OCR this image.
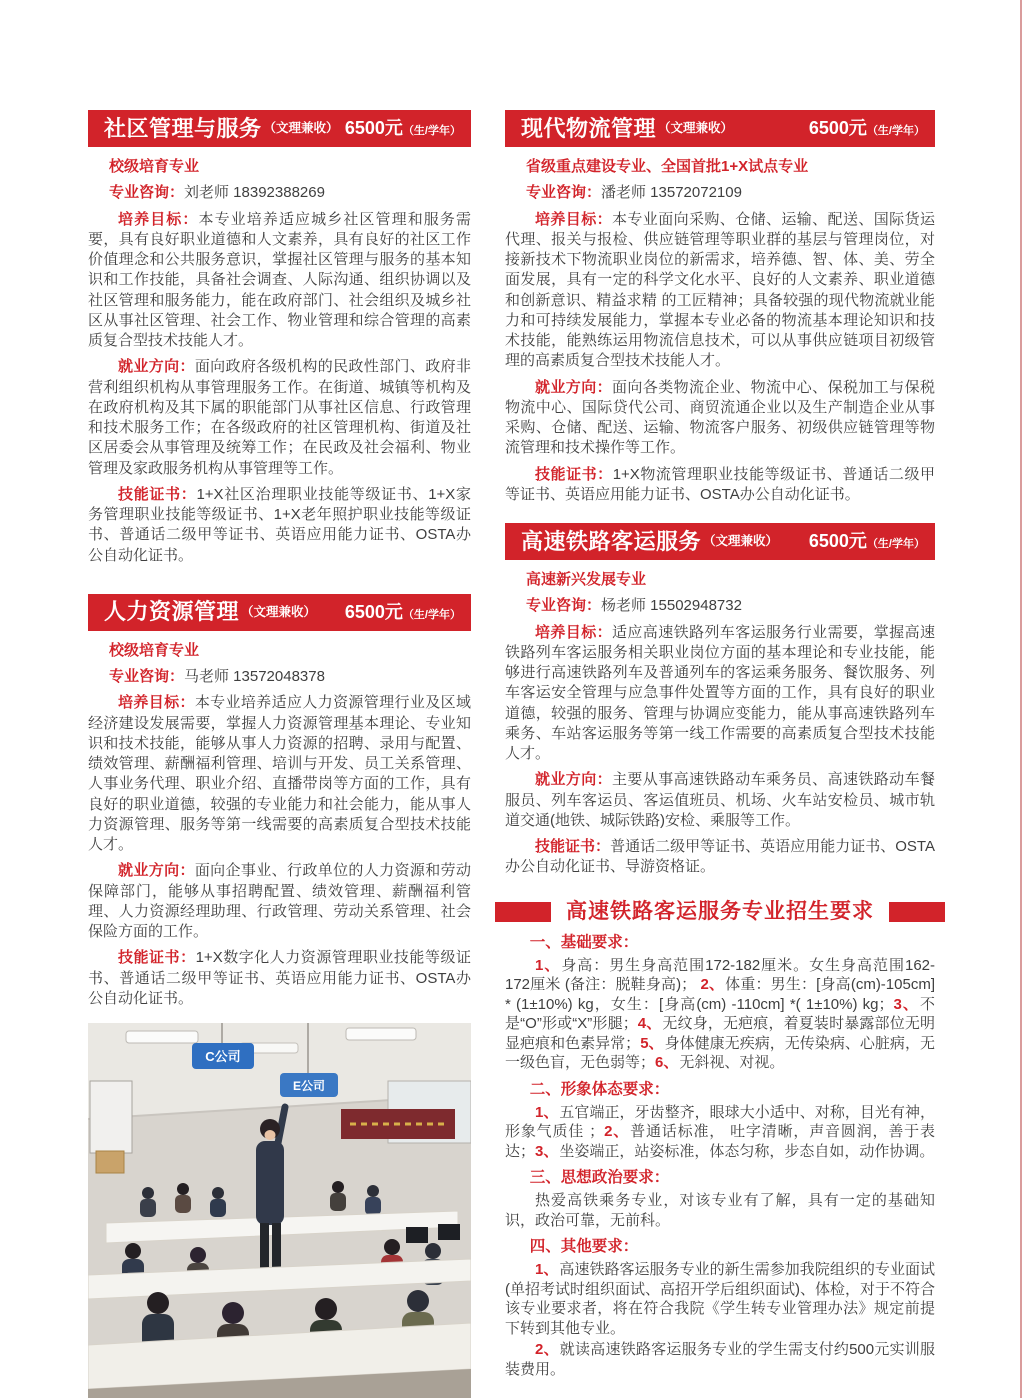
社区管理与服务 （文理兼收） 6500元 （生/学年）

校级培育专业

专业咨询：刘老师 18392388269

培养目标：本专业培养适应城乡社区管理和服务需要，具有良好职业道德和人文素养，具有良好的社区工作价值理念和公共服务意识，掌握社区管理与服务的基本知识和工作技能，具备社会调查、人际沟通、组织协调以及社区管理和服务能力，能在政府部门、社会组织及城乡社区从事社区管理、社会工作、物业管理和综合管理的高素质复合型技术技能人才。

就业方向：面向政府各级机构的民政性部门、政府非营利组织机构从事管理服务工作。在街道、城镇等机构及在政府机构及其下属的职能部门从事社区信息、行政管理和技术服务工作；在各级政府的社区管理机构、街道及社区居委会从事管理及统筹工作；在民政及社会福利、物业管理及家政服务机构从事管理等工作。

技能证书：1+X社区治理职业技能等级证书、1+X家务管理职业技能等级证书、1+X老年照护职业技能等级证书、普通话二级甲等证书、英语应用能力证书、OSTA办公自动化证书。

人力资源管理 （文理兼收） 6500元 （生/学年）

校级培育专业

专业咨询：马老师 13572048378

培养目标：本专业培养适应人力资源管理行业及区域经济建设发展需要，掌握人力资源管理基本理论、专业知识和技术技能，能够从事人力资源的招聘、录用与配置、绩效管理、薪酬福利管理、培训与开发、员工关系管理、人事业务代理、职业介绍、直播带岗等方面的工作，具有良好的职业道德，较强的专业能力和社会能力，能从事人力资源管理、服务等第一线需要的高素质复合型技术技能人才。

就业方向：面向企事业、行政单位的人力资源和劳动保障部门，能够从事招聘配置、绩效管理、薪酬福利管理、人力资源经理助理、行政管理、劳动关系管理、社会保险方面的工作。

技能证书：1+X数字化人力资源管理职业技能等级证书、普通话二级甲等证书、英语应用能力证书、OSTA办公自动化证书。

C公司
E公司
现代物流管理 （文理兼收）	6500元 （生/学年）

省级重点建设专业、全国首批1+X试点专业

专业咨询：潘老师 13572072109

培养目标：本专业面向采购、仓储、运输、配送、国际货运代理、报关与报检、供应链管理等职业群的基层与管理岗位，对接新技术下物流职业岗位的新需求，培养德、智、体、美、劳全面发展，具有一定的科学文化水平、良好的人文素养、职业道德和创新意识、精益求精 的工匠精神；具备较强的现代物流就业能力和可持续发展能力，掌握本专业必备的物流基本理论知识和技术技能，能熟练运用物流信息技术，可以从事供应链项目初级管理的高素质复合型技术技能人才。

就业方向：面向各类物流企业、物流中心、保税加工与保税物流中心、国际贷代公司、商贸流通企业以及生产制造企业从事采购、仓储、配送、运输、物流客户服务、初级供应链管理等物流管理和技术操作等工作。

技能证书：1+X物流管理职业技能等级证书、普通话二级甲等证书、英语应用能力证书、OSTA办公自动化证书。

高速铁路客运服务 （文理兼收） 6500元 （生/学年）

高速新兴发展专业

专业咨询：杨老师 15502948732

培养目标：适应高速铁路列车客运服务行业需要，掌握高速铁路列车客运服务相关职业岗位方面的基本理论和专业技能，能够进行高速铁路列车及普通列车的客运乘务服务、餐饮服务、列车客运安全管理与应急事件处置等方面的工作，具有良好的职业道德，较强的服务、管理与协调应变能力，能从事高速铁路列车乘务、车站客运服务等第一线工作需要的高素质复合型技术技能人才。

就业方向：主要从事高速铁路动车乘务员、高速铁路动车餐服员、列车客运员、客运值班员、机场、火车站安检员、城市轨道交通(地铁、城际铁路)安检、乘服等工作。

技能证书：普通话二级甲等证书、英语应用能力证书、OSTA办公自动化证书、导游资格证。

高速铁路客运服务专业招生要求
一、基础要求：

1、身高：男生身高范围172-182厘米。女生身高范围162-172厘米 (备注：脱鞋身高)； 2、体重：男生：[身高(cm)-105cm] * (1±10%) kg，女生：[身高(cm) -110cm] *( 1±10%) kg；3、不是“O”形或“X”形腿；4、无纹身，无疤痕，着夏装时暴露部位无明显疤痕和色素异常；5、身体健康无疾病，无传染病、心脏病，无一级色盲，无色弱等；6、无斜视、对视。

二、形象体态要求：

1、五官端正，牙齿整齐，眼球大小适中、对称，目光有神，形象气质佳 ；2、普通话标准， 吐字清晰，声音圆润，善于表达；3、坐姿端正，站姿标准，体态匀称，步态自如，动作协调。

三、思想政治要求：

热爱高铁乘务专业，对该专业有了解，具有一定的基础知识，政治可靠，无前科。

四、其他要求：

1、高速铁路客运服务专业的新生需参加我院组织的专业面试(单招考试时组织面试、高招开学后组织面试)、体检，对于不符合该专业要求者，将在符合我院《学生转专业管理办法》规定前提下转到其他专业。

2、就读高速铁路客运服务专业的学生需支付约500元实训服装费用。
